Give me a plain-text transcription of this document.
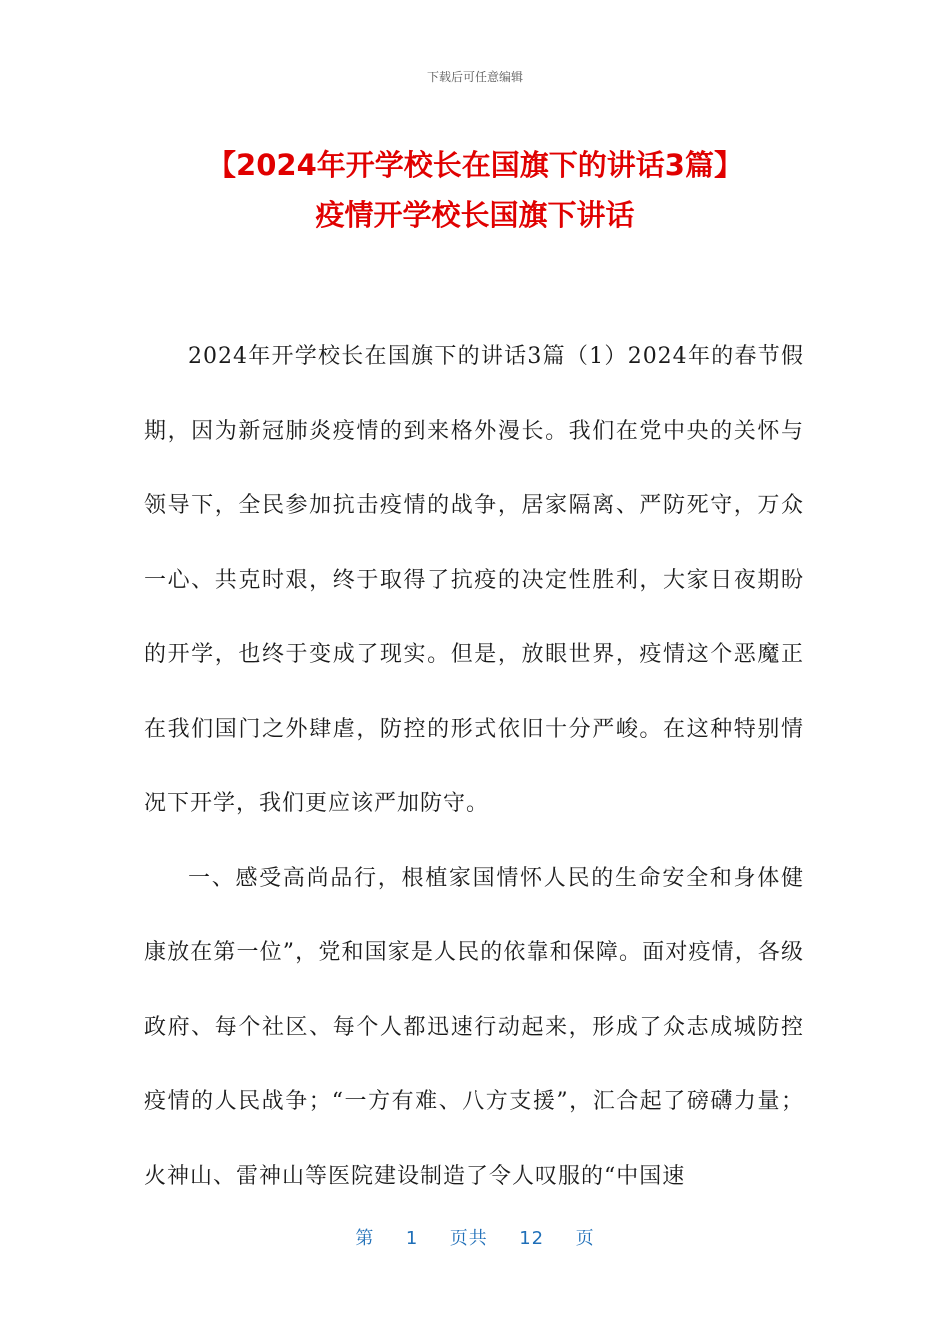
下载后可任意编辑
【2024年开学校长在国旗下的讲话3篇】
疫情开学校长国旗下讲话

2024年开学校长在国旗下的讲话3篇（1）2024年的春节假期，因为新冠肺炎疫情的到来格外漫长。我们在党中央的关怀与领导下，全民参加抗击疫情的战争，居家隔离、严防死守，万众一心、共克时艰，终于取得了抗疫的决定性胜利，大家日夜期盼的开学，也终于变成了现实。但是，放眼世界，疫情这个恶魔正在我们国门之外肆虐，防控的形式依旧十分严峻。在这种特别情况下开学，我们更应该严加防守。

一、感受高尚品行，根植家国情怀人民的生命安全和身体健康放在第一位”，党和国家是人民的依靠和保障。面对疫情，各级政府、每个社区、每个人都迅速行动起来，形成了众志成城防控疫情的人民战争；“一方有难、八方支援”，汇合起了磅礴力量；火神山、雷神山等医院建设制造了令人叹服的“中国速

第 1 页共 12 页
